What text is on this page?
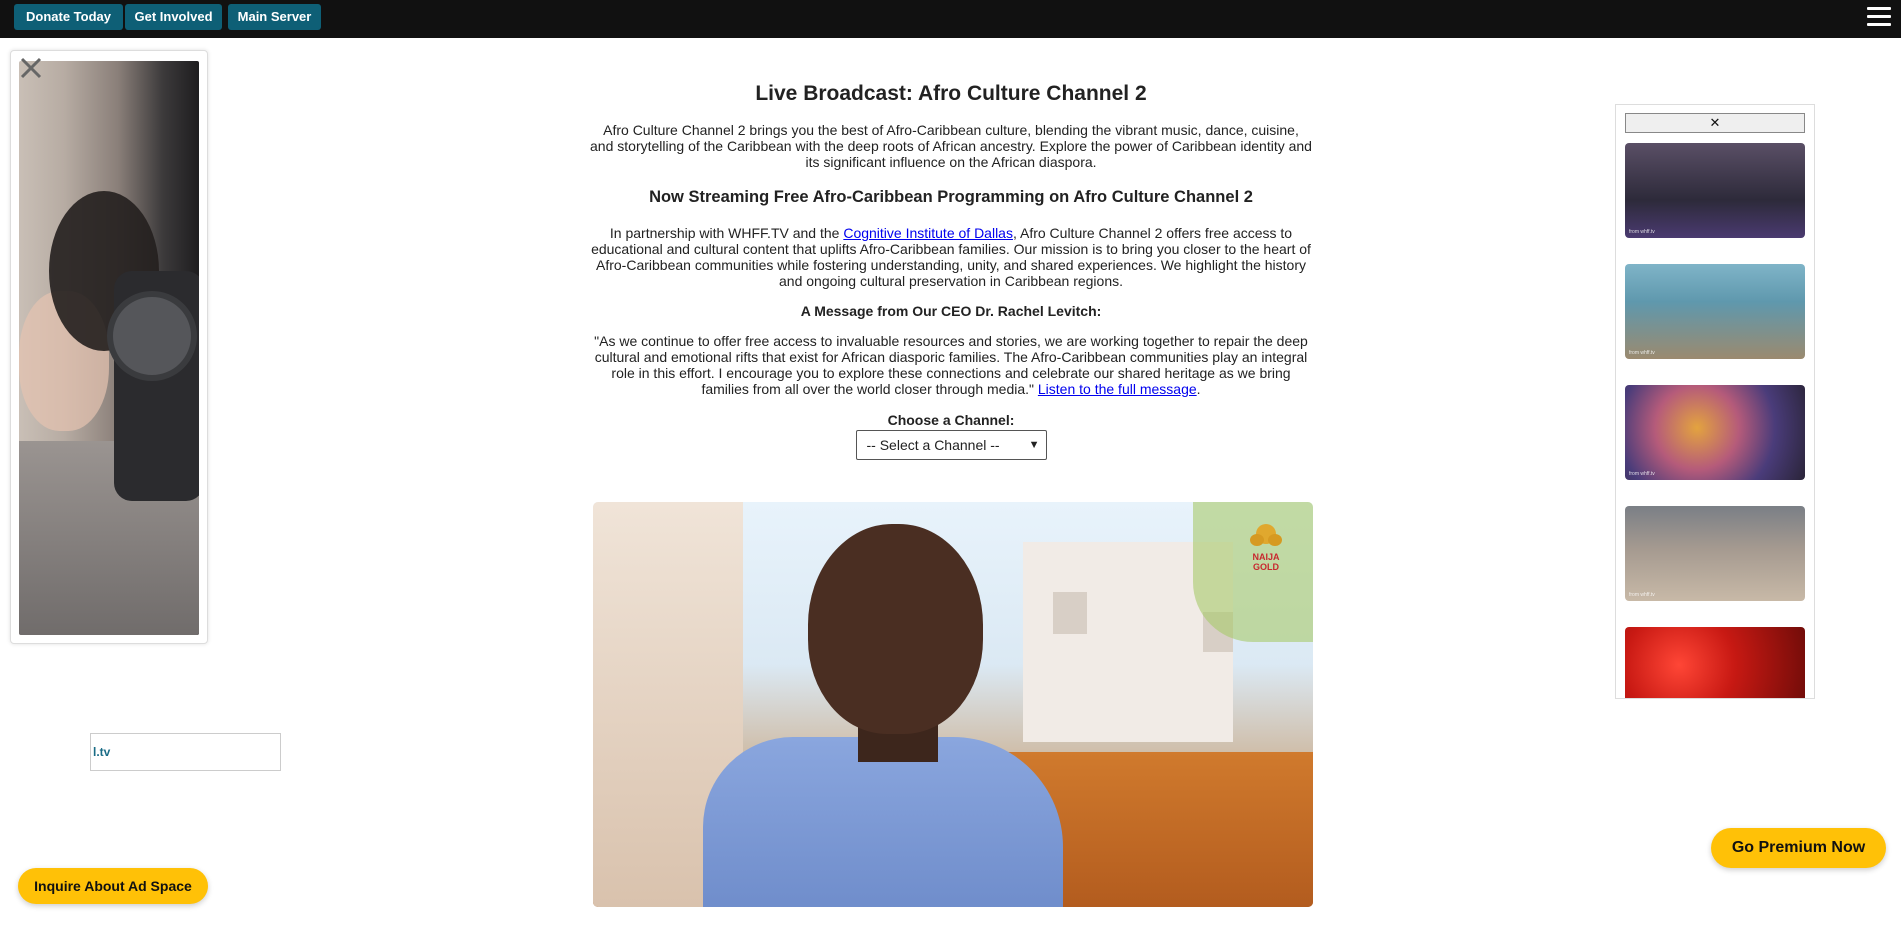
Donate Today	Get Involved	Main Server
l.tv
Inquire About Ad Space
Go Premium Now
Live Broadcast: Afro Culture Channel 2

Afro Culture Channel 2 brings you the best of Afro-Caribbean culture, blending the vibrant music, dance, cuisine, and storytelling of the Caribbean with the deep roots of African ancestry. Explore the power of Caribbean identity and its significant influence on the African diaspora.

Now Streaming Free Afro-Caribbean Programming on Afro Culture Channel 2

In partnership with WHFF.TV and the Cognitive Institute of Dallas, Afro Culture Channel 2 offers free access to educational and cultural content that uplifts Afro-Caribbean families. Our mission is to bring you closer to the heart of Afro-Caribbean communities while fostering understanding, unity, and shared experiences. We highlight the history and ongoing cultural preservation in Caribbean regions.

A Message from Our CEO Dr. Rachel Levitch:

"As we continue to offer free access to invaluable resources and stories, we are working together to repair the deep cultural and emotional rifts that exist for African diasporic families. The Afro-Caribbean communities play an integral role in this effort. I encourage you to explore these connections and celebrate our shared heritage as we bring families from all over the world closer through media." Listen to the full message.

Choose a Channel:

-- Select a Channel --	▼
NAIJA
GOLD
✕
from whff.tv
from whff.tv
from whff.tv
from whff.tv
